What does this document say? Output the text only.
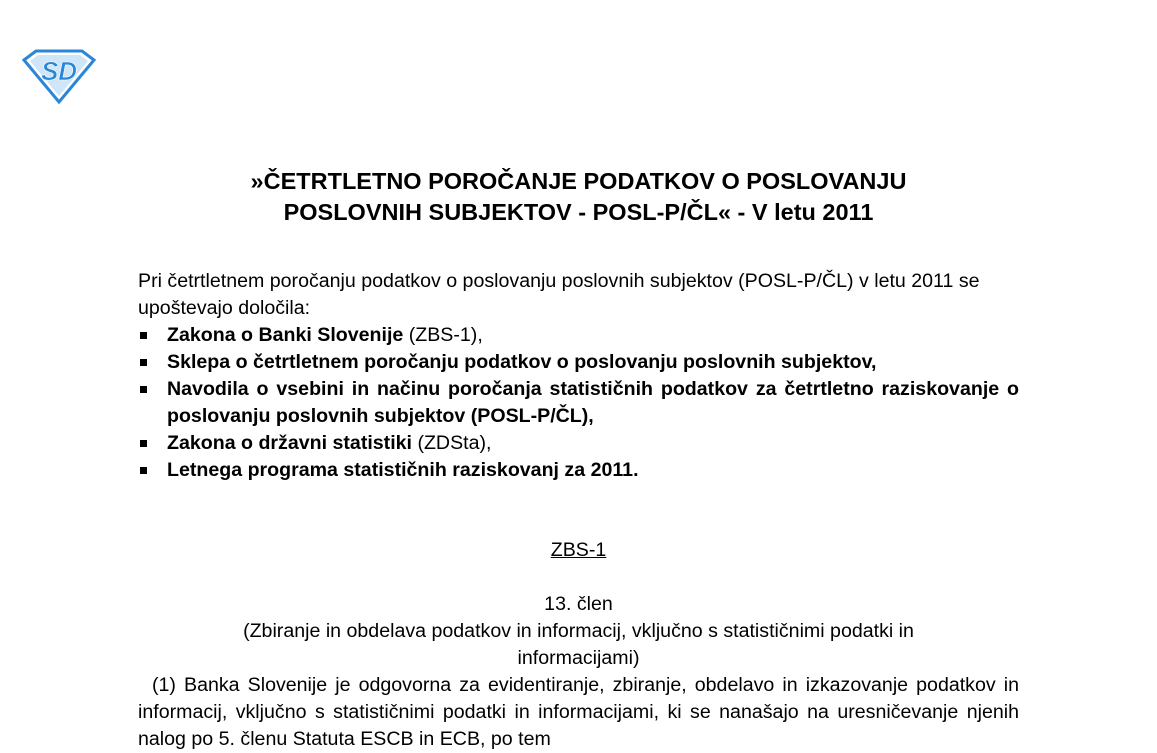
SD
»ČETRTLETNO POROČANJE PODATKOV O POSLOVANJU
POSLOVNIH SUBJEKTOV - POSL-P/ČL« - V letu 2011
Pri četrtletnem poročanju podatkov o poslovanju poslovnih subjektov (POSL-P/ČL) v letu 2011 se upoštevajo določila:
Zakona o Banki Slovenije (ZBS-1),
Sklepa o četrtletnem poročanju podatkov o poslovanju poslovnih subjektov,
Navodila o vsebini in načinu poročanja statističnih podatkov za četrtletno raziskovanje o poslovanju poslovnih subjektov (POSL-P/ČL),
Zakona o državni statistiki (ZDSta),
Letnega programa statističnih raziskovanj za 2011.
ZBS-1
13. člen
(Zbiranje in obdelava podatkov in informacij, vključno s statističnimi podatki in informacijami)
(1) Banka Slovenije je odgovorna za evidentiranje, zbiranje, obdelavo in izkazovanje podatkov in informacij, vključno s statističnimi podatki in informacijami, ki se nanašajo na uresničevanje njenih nalog po 5. členu Statuta ESCB in ECB, po tem
